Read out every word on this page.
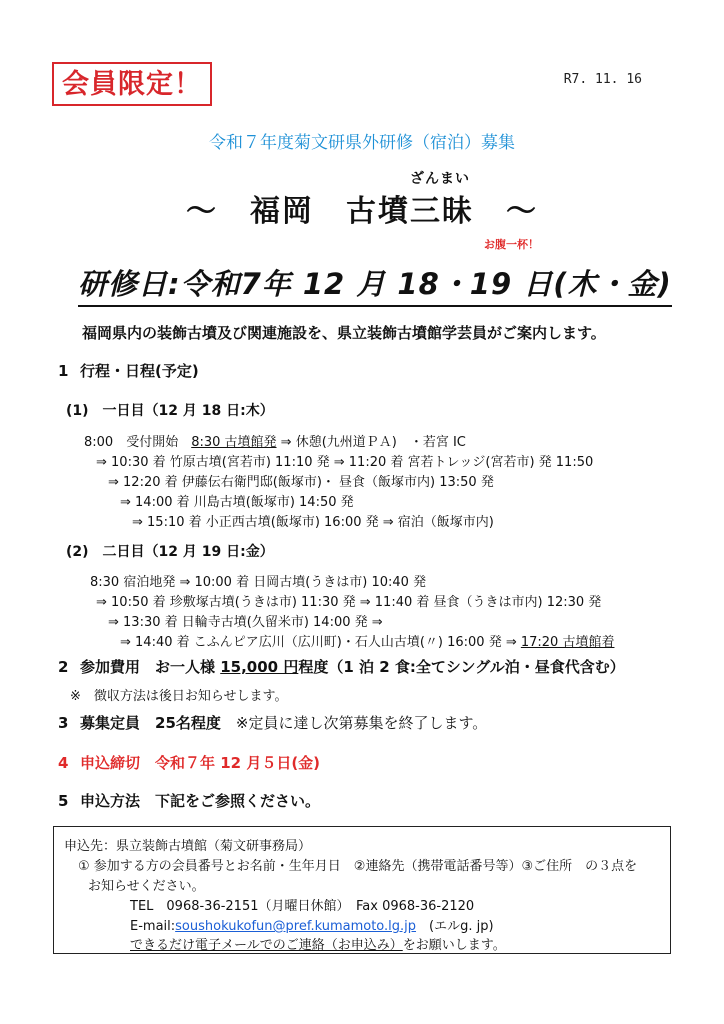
会員限定！	R7. 11. 16
令和７年度菊文研県外研修（宿泊）募集
ざんまい
～　福岡　古墳三昧　～
お腹一杯！
研修日:令和7年 12 月 18・19 日(木・金)
福岡県内の装飾古墳及び関連施設を、県立装飾古墳館学芸員がご案内します。
1 行程・日程(予定)
(1)　一日目（12 月 18 日:木）
8:00　受付開始　8:30 古墳館発 ⇒ 休憩(九州道ＰＡ)　・若宮 IC
⇒ 10:30 着 竹原古墳(宮若市) 11:10 発 ⇒ 11:20 着 宮若トレッジ(宮若市) 発 11:50
⇒ 12:20 着 伊藤伝右衛門邸(飯塚市)・ 昼食（飯塚市内) 13:50 発
⇒ 14:00 着 川島古墳(飯塚市) 14:50 発
⇒ 15:10 着 小正西古墳(飯塚市) 16:00 発 ⇒ 宿泊（飯塚市内)
(2)　二日目（12 月 19 日:金）
8:30 宿泊地発 ⇒ 10:00 着 日岡古墳(うきは市) 10:40 発
⇒ 10:50 着 珍敷塚古墳(うきは市) 11:30 発 ⇒ 11:40 着 昼食（うきは市内) 12:30 発
⇒ 13:30 着 日輪寺古墳(久留米市) 14:00 発 ⇒
⇒ 14:40 着 こふんピア広川（広川町)・石人山古墳(〃) 16:00 発 ⇒ 17:20 古墳館着
2 参加費用　お一人様 15,000 円程度（1 泊 2 食:全てシングル泊・昼食代含む）
※　徴収方法は後日お知らせします。
3 募集定員　25名程度　※定員に達し次第募集を終了します。
4 申込締切　令和７年 12 月５日(金)
5 申込方法　下記をご参照ください。
申込先：県立装飾古墳館（菊文研事務局）
① 参加する方の会員番号とお名前・生年月日　②連絡先（携帯電話番号等）③ご住所　の３点を
お知らせください。
TEL　0968-36-2151（月曜日休館）　Fax 0968-36-2120
E-mail:soushokukofun@pref.kumamoto.lg.jp　(エルg. jp)
できるだけ電子メールでのご連絡（お申込み）をお願いします。
